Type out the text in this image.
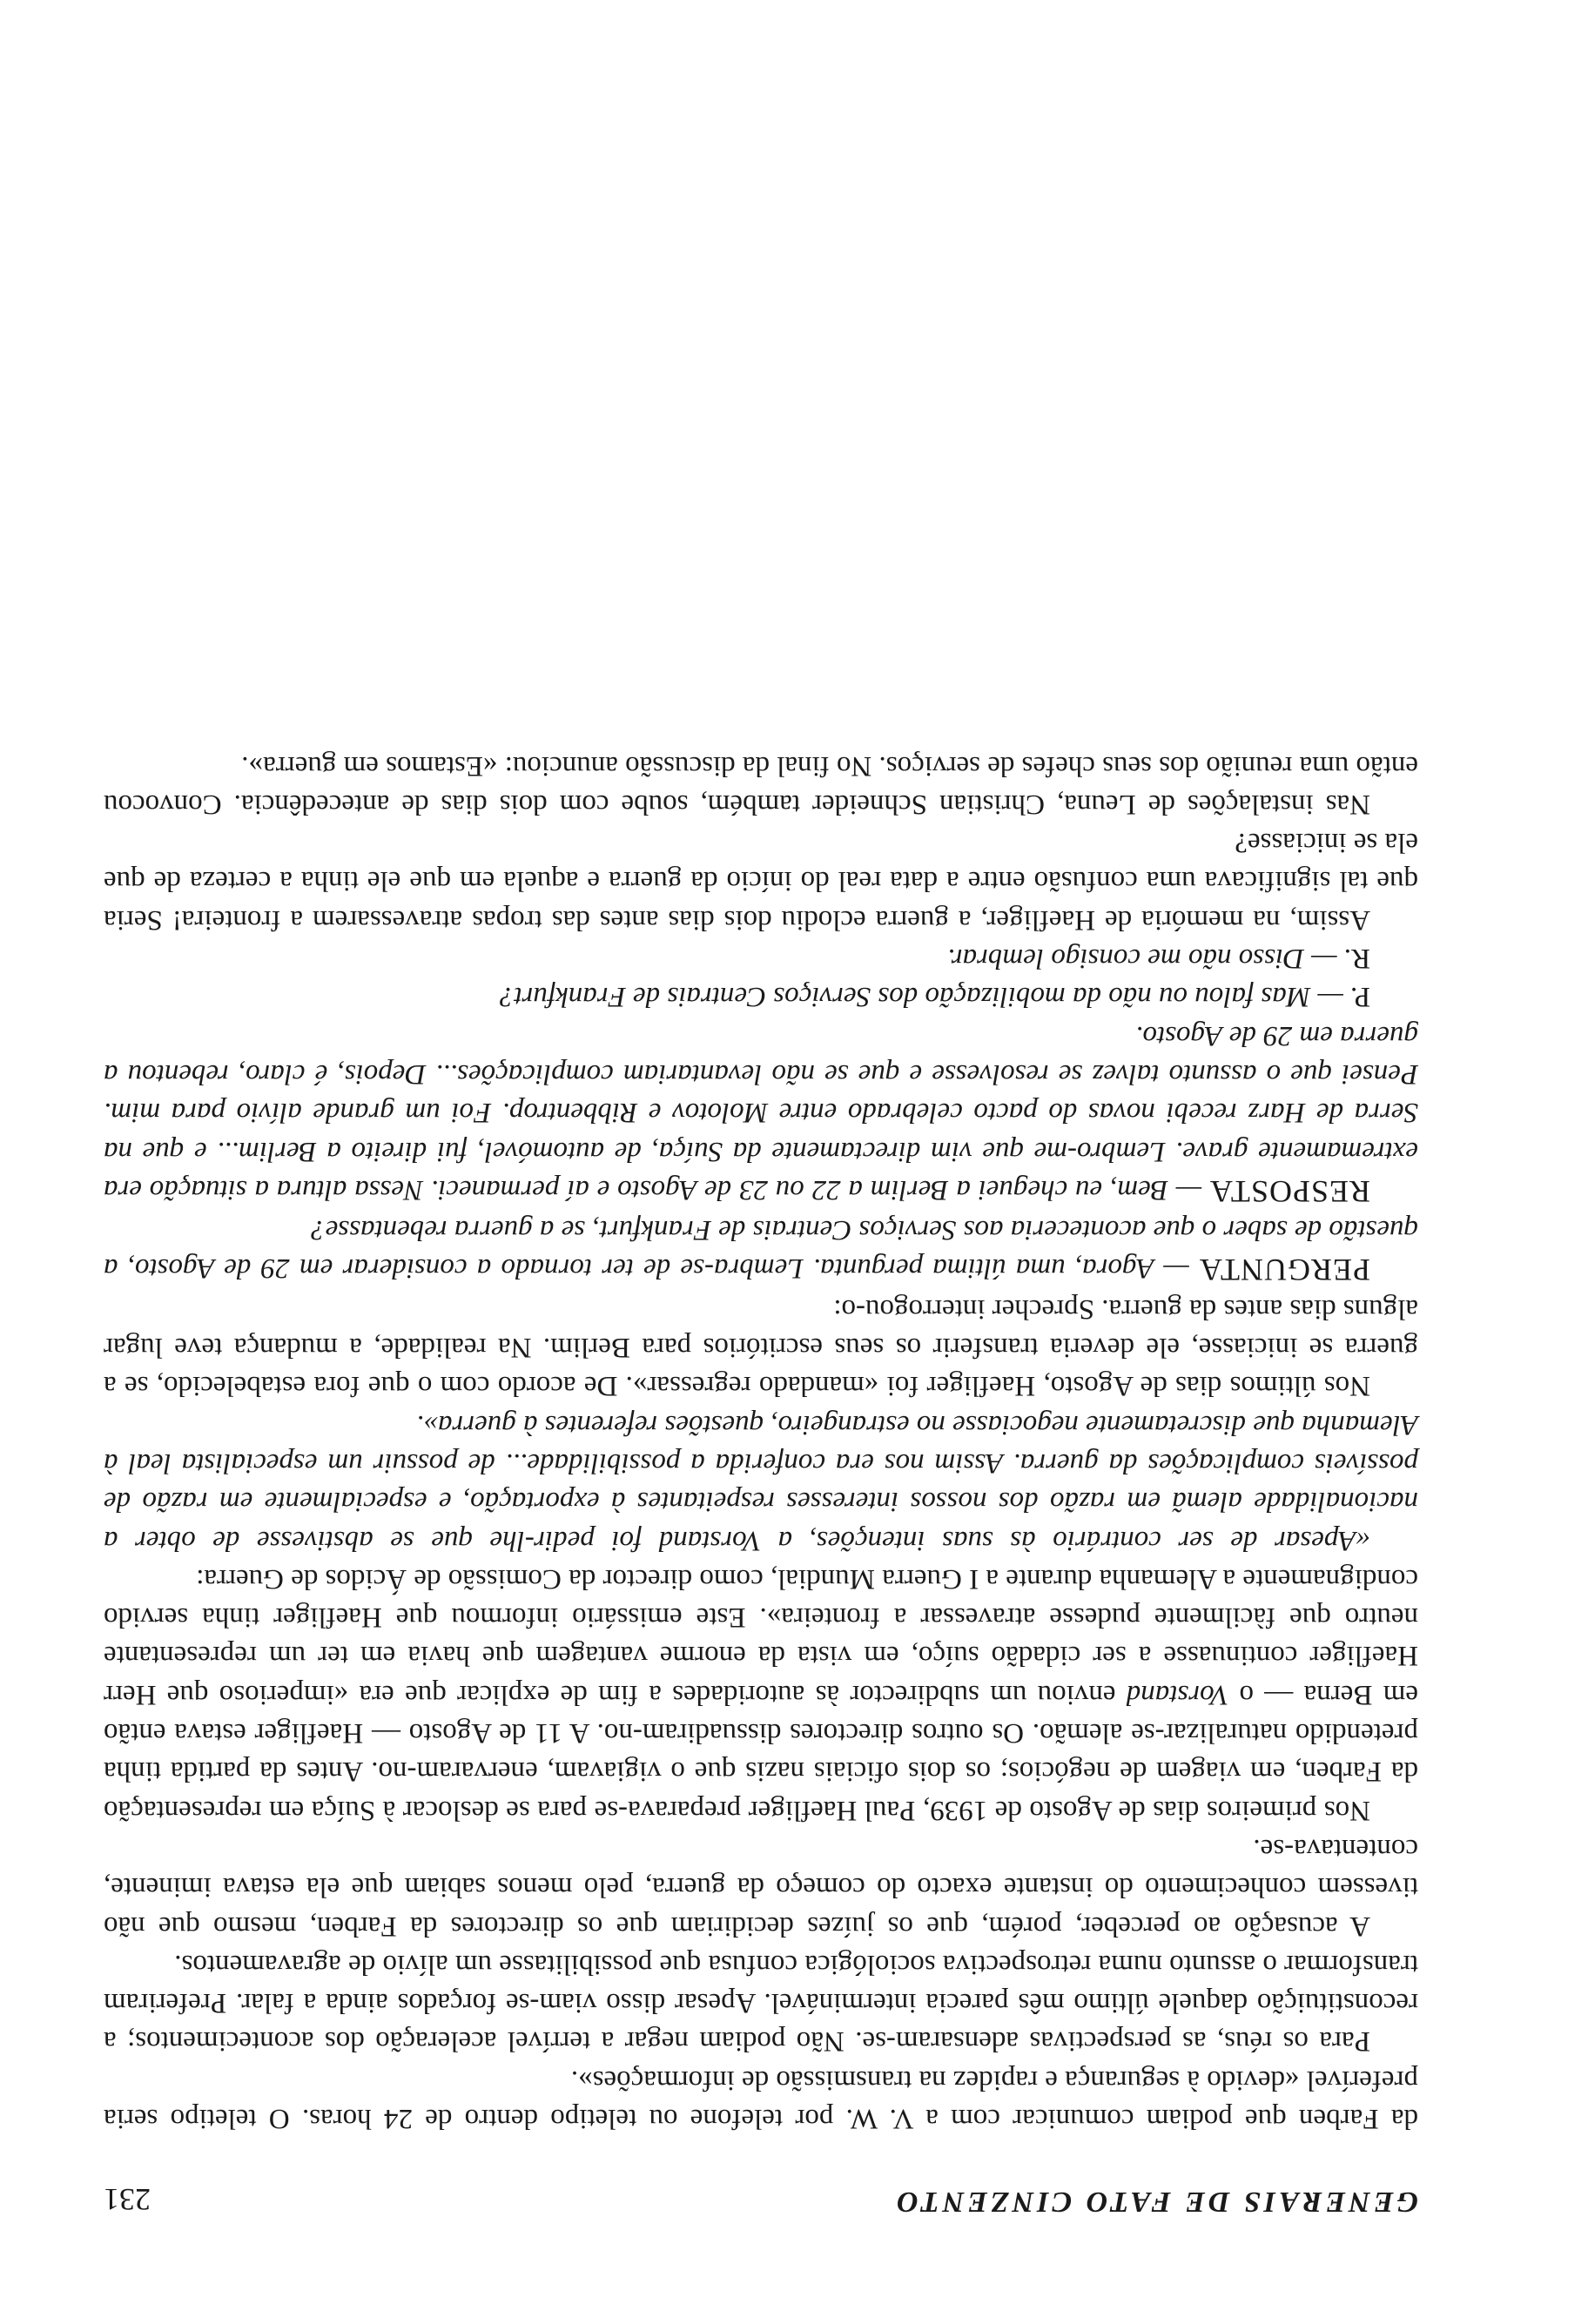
GENERAIS DE FATO CINZENTO
231

da Farben que podiam comunicar com a V. W. por telefone ou teletipo dentro de 24 horas. O teletipo seria preferível «devido à segurança e rapidez na transmissão de informações».

Para os réus, as perspectivas adensaram-se. Não podiam negar a terrível aceleração dos acontecimentos; a reconstituição daquele último mês parecia interminável. Apesar disso viam-se forçados ainda a falar. Preferiram transformar o assunto numa retrospectiva sociológica confusa que possibilitasse um alívio de agravamentos.

A acusação ao perceber, porém, que os juízes decidiriam que os directores da Farben, mesmo que não tivessem conhecimento do instante exacto do começo da guerra, pelo menos sabiam que ela estava iminente, contentava-se.

Nos primeiros dias de Agosto de 1939, Paul Haefliger preparava-se para se deslocar à Suíça em representação da Farben, em viagem de negócios; os dois oficiais nazis que o vigiavam, enervaram-no. Antes da partida tinha pretendido naturalizar-se alemão. Os outros directores dissuadiram-no. A 11 de Agosto — Haefliger estava então em Berna — o Vorstand enviou um subdirector às autoridades a fim de explicar que era «imperioso que Herr Haefliger continuasse a ser cidadão suíço, em vista da enorme vantagem que havia em ter um representante neutro que fàcilmente pudesse atravessar a fronteira». Este emissário informou que Haefliger tinha servido condignamente a Alemanha durante a I Guerra Mundial, como director da Comissão de Ácidos de Guerra:

«Apesar de ser contrário às suas intenções, a Vorstand foi pedir-lhe que se abstivesse de obter a nacionalidade alemã em razão dos nossos interesses respeitantes à exportação, e especialmente em razão de possíveis complicações da guerra. Assim nos era conferida a possibilidade... de possuir um especialista leal à Alemanha que discretamente negociasse no estrangeiro, questões referentes à guerra».

Nos últimos dias de Agosto, Haefliger foi «mandado regressar». De acordo com o que fora estabelecido, se a guerra se iniciasse, ele deveria transferir os seus escritórios para Berlim. Na realidade, a mudança teve lugar alguns dias antes da guerra. Sprecher interrogou-o:

PERGUNTA — Agora, uma última pergunta. Lembra-se de ter tornado a considerar em 29 de Agosto, a questão de saber o que aconteceria aos Serviços Centrais de Frankfurt, se a guerra rebentasse?

RESPOSTA — Bem, eu cheguei a Berlim a 22 ou 23 de Agosto e aí permaneci. Nessa altura a situação era extremamente grave. Lembro-me que vim directamente da Suíça, de automóvel, fui direito a Berlim... e que na Serra de Harz recebi novas do pacto celebrado entre Molotov e Ribbentrop. Foi um grande alívio para mim. Pensei que o assunto talvez se resolvesse e que se não levantariam complicações... Depois, é claro, rebentou a guerra em 29 de Agosto.

P. — Mas falou ou não da mobilização dos Serviços Centrais de Frankfurt?

R. — Disso não me consigo lembrar.

Assim, na memória de Haefliger, a guerra eclodiu dois dias antes das tropas atravessarem a fronteira! Seria que tal significava uma confusão entre a data real do início da guerra e aquela em que ele tinha a certeza de que ela se iniciasse?

Nas instalações de Leuna, Christian Schneider também, soube com dois dias de antecedência. Convocou então uma reunião dos seus chefes de serviços. No final da discussão anunciou: «Estamos em guerra».
